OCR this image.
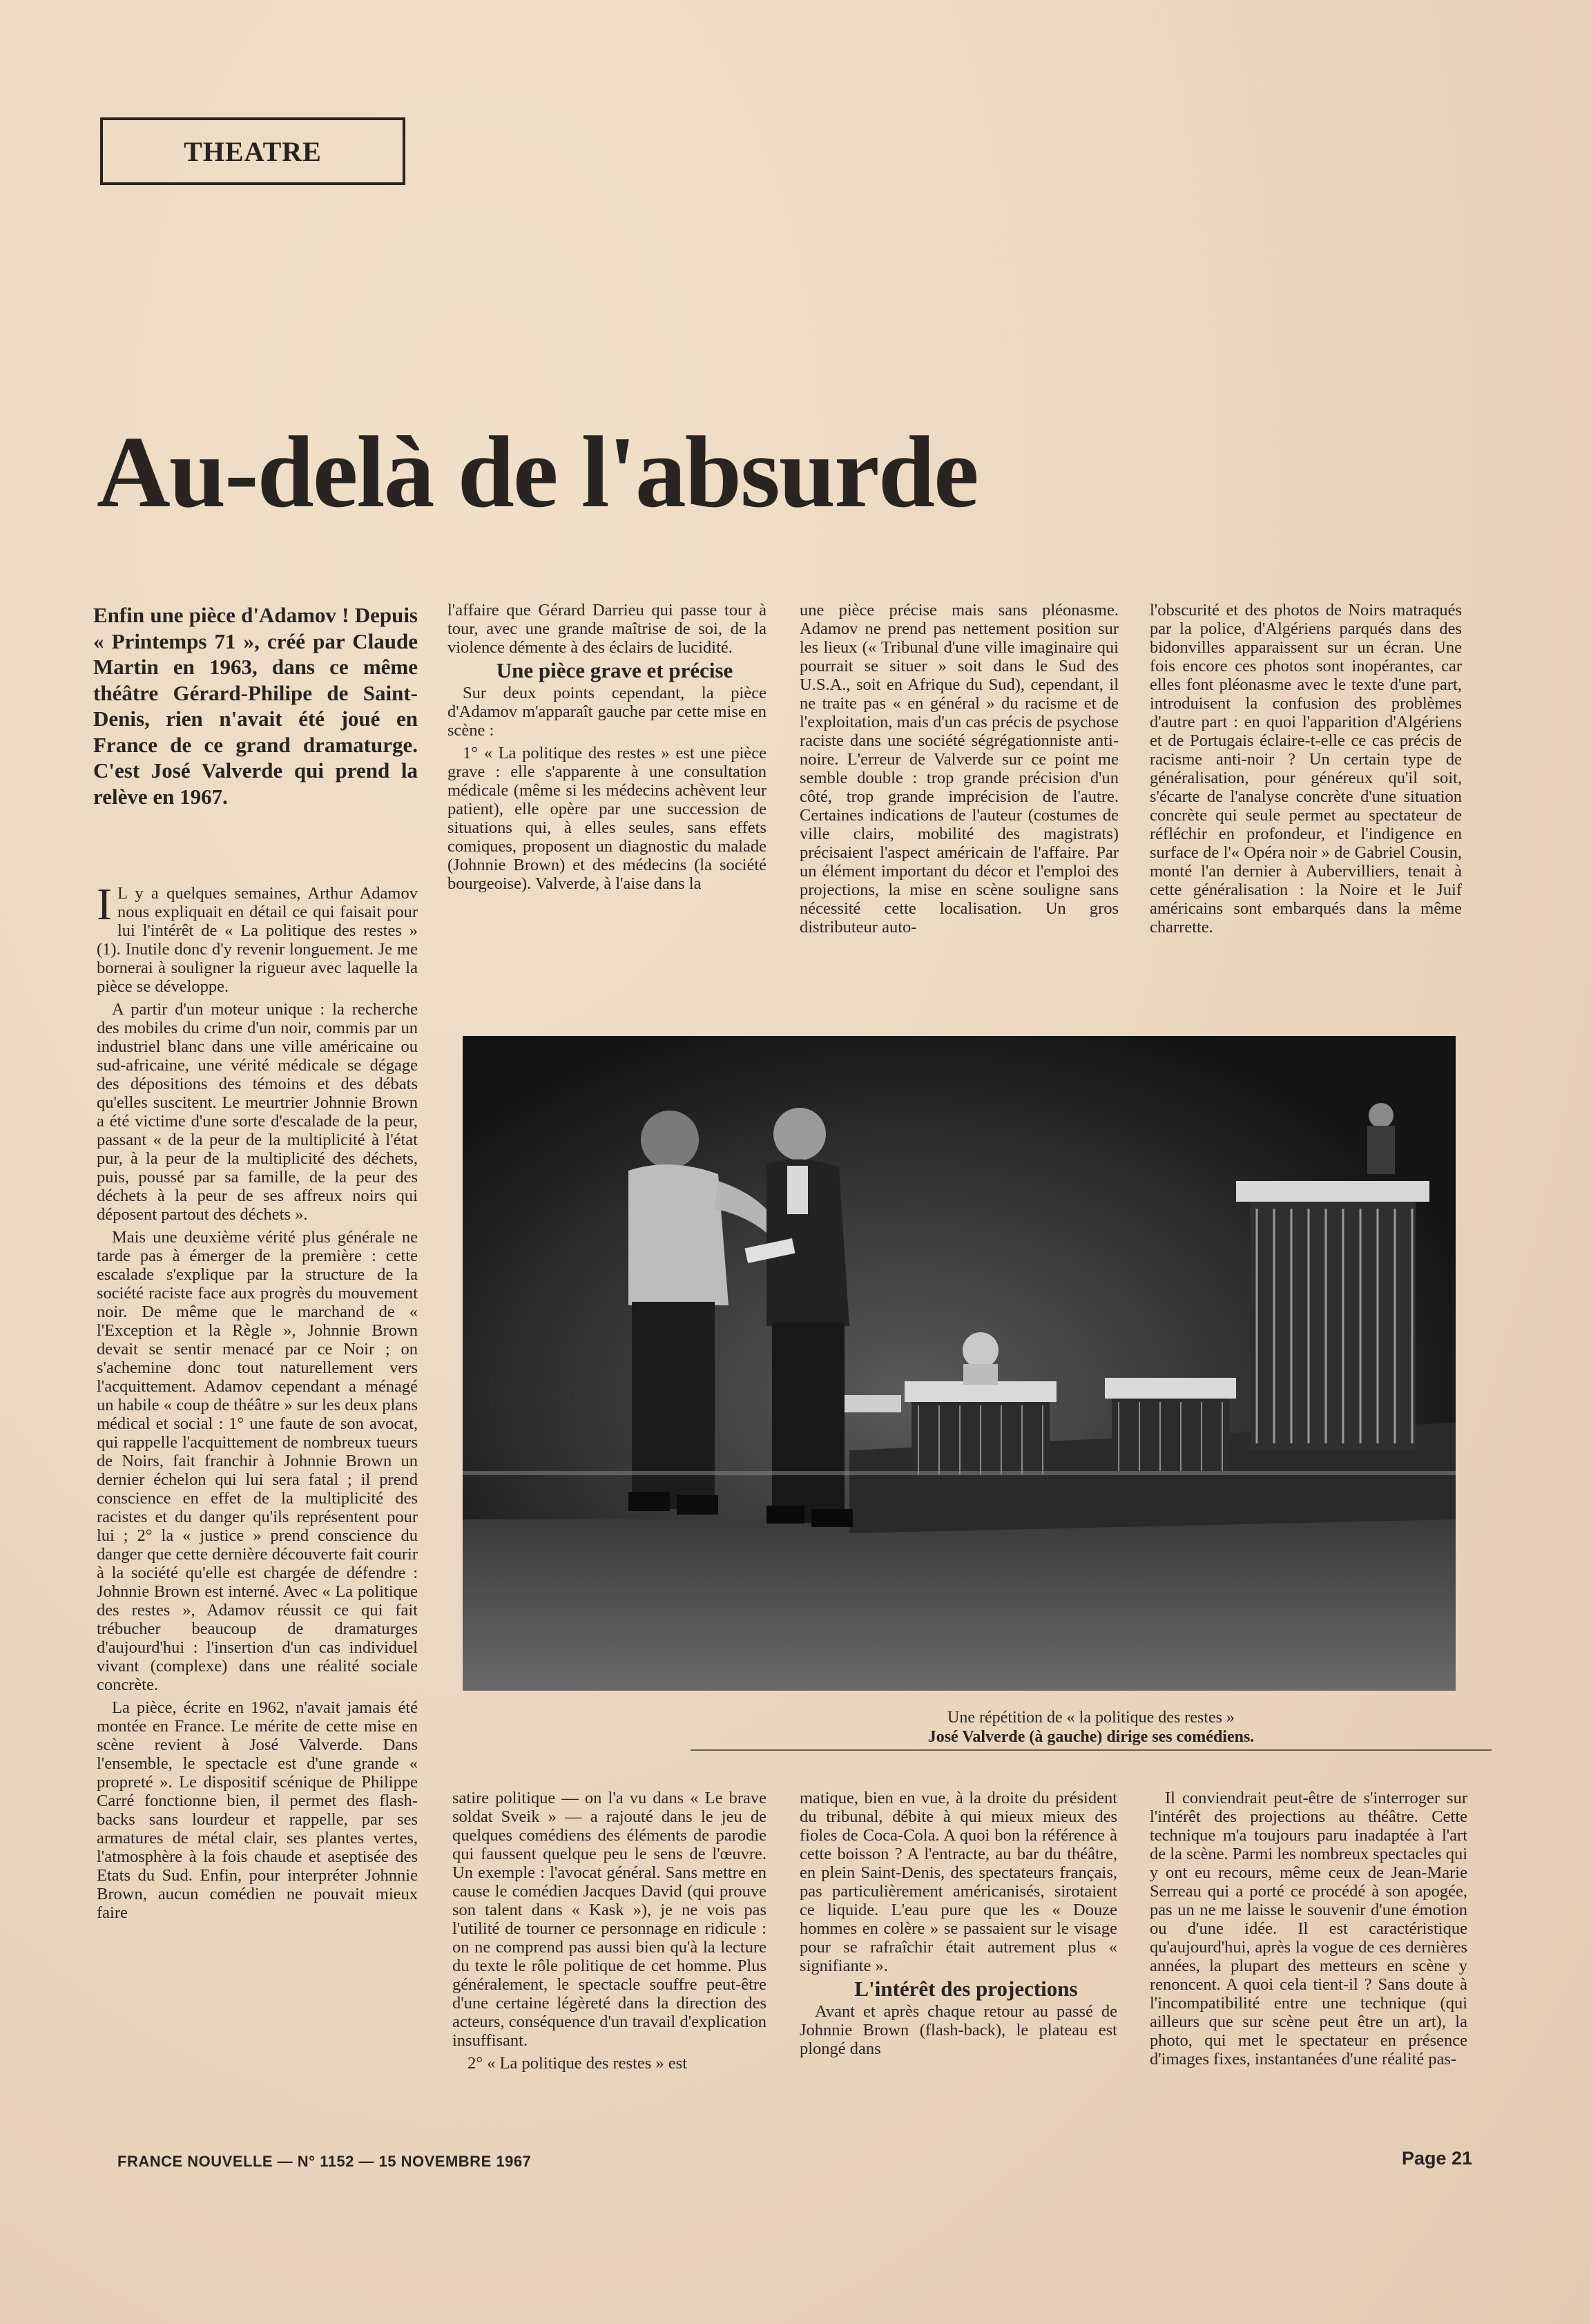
THEATRE
Au-delà de l'absurde
Enfin une pièce d'Adamov ! Depuis « Printemps 71 », créé par Claude Martin en 1963, dans ce même théâtre Gérard-Philipe de Saint-Denis, rien n'avait été joué en France de ce grand dramaturge. C'est José Valverde qui prend la relève en 1967.

I L y a quelques semaines, Arthur Adamov nous expliquait en détail ce qui faisait pour lui l'intérêt de « La politique des restes » (1). Inutile donc d'y revenir longuement. Je me bornerai à souligner la rigueur avec laquelle la pièce se développe.

A partir d'un moteur unique : la recherche des mobiles du crime d'un noir, commis par un industriel blanc dans une ville américaine ou sud-africaine, une vérité médicale se dégage des dépositions des témoins et des débats qu'elles suscitent. Le meurtrier Johnnie Brown a été victime d'une sorte d'escalade de la peur, passant « de la peur de la multiplicité à l'état pur, à la peur de la multiplicité des déchets, puis, poussé par sa famille, de la peur des déchets à la peur de ses affreux noirs qui déposent partout des déchets ».

Mais une deuxième vérité plus générale ne tarde pas à émerger de la première : cette escalade s'explique par la structure de la société raciste face aux progrès du mouvement noir. De même que le marchand de « l'Exception et la Règle », Johnnie Brown devait se sentir menacé par ce Noir ; on s'achemine donc tout naturellement vers l'acquittement. Adamov cependant a ménagé un habile « coup de théâtre » sur les deux plans médical et social : 1° une faute de son avocat, qui rappelle l'acquittement de nombreux tueurs de Noirs, fait franchir à Johnnie Brown un dernier échelon qui lui sera fatal ; il prend conscience en effet de la multiplicité des racistes et du danger qu'ils représentent pour lui ; 2° la « justice » prend conscience du danger que cette dernière découverte fait courir à la société qu'elle est chargée de défendre : Johnnie Brown est interné. Avec « La politique des restes », Adamov réussit ce qui fait trébucher beaucoup de dramaturges d'aujourd'hui : l'insertion d'un cas individuel vivant (complexe) dans une réalité sociale concrète.

La pièce, écrite en 1962, n'avait jamais été montée en France. Le mérite de cette mise en scène revient à José Valverde. Dans l'ensemble, le spectacle est d'une grande « propreté ». Le dispositif scénique de Philippe Carré fonctionne bien, il permet des flash-backs sans lourdeur et rappelle, par ses armatures de métal clair, ses plantes vertes, l'atmosphère à la fois chaude et aseptisée des Etats du Sud. Enfin, pour interpréter Johnnie Brown, aucun comédien ne pouvait mieux faire

l'affaire que Gérard Darrieu qui passe tour à tour, avec une grande maîtrise de soi, de la violence démente à des éclairs de lucidité.

Une pièce grave et précise

Sur deux points cependant, la pièce d'Adamov m'apparaît gauche par cette mise en scène :

1° « La politique des restes » est une pièce grave : elle s'apparente à une consultation médicale (même si les médecins achèvent leur patient), elle opère par une succession de situations qui, à elles seules, sans effets comiques, proposent un diagnostic du malade (Johnnie Brown) et des médecins (la société bourgeoise). Valverde, à l'aise dans la

une pièce précise mais sans pléonasme. Adamov ne prend pas nettement position sur les lieux (« Tribunal d'une ville imaginaire qui pourrait se situer » soit dans le Sud des U.S.A., soit en Afrique du Sud), cependant, il ne traite pas « en général » du racisme et de l'exploitation, mais d'un cas précis de psychose raciste dans une société ségrégationniste anti-noire. L'erreur de Valverde sur ce point me semble double : trop grande précision d'un côté, trop grande imprécision de l'autre. Certaines indications de l'auteur (costumes de ville clairs, mobilité des magistrats) précisaient l'aspect américain de l'affaire. Par un élément important du décor et l'emploi des projections, la mise en scène souligne sans nécessité cette localisation. Un gros distributeur auto-

l'obscurité et des photos de Noirs matraqués par la police, d'Algériens parqués dans des bidonvilles apparaissent sur un écran. Une fois encore ces photos sont inopérantes, car elles font pléonasme avec le texte d'une part, introduisent la confusion des problèmes d'autre part : en quoi l'apparition d'Algériens et de Portugais éclaire-t-elle ce cas précis de racisme anti-noir ? Un certain type de généralisation, pour généreux qu'il soit, s'écarte de l'analyse concrète d'une situation concrète qui seule permet au spectateur de réfléchir en profondeur, et l'indigence en surface de l'« Opéra noir » de Gabriel Cousin, monté l'an dernier à Aubervilliers, tenait à cette généralisation : la Noire et le Juif américains sont embarqués dans la même charrette.

Une répétition de « la politique des restes »
José Valverde (à gauche) dirige ses comédiens.

satire politique — on l'a vu dans « Le brave soldat Sveik » — a rajouté dans le jeu de quelques comédiens des éléments de parodie qui faussent quelque peu le sens de l'œuvre. Un exemple : l'avocat général. Sans mettre en cause le comédien Jacques David (qui prouve son talent dans « Kask »), je ne vois pas l'utilité de tourner ce personnage en ridicule : on ne comprend pas aussi bien qu'à la lecture du texte le rôle politique de cet homme. Plus généralement, le spectacle souffre peut-être d'une certaine légèreté dans la direction des acteurs, conséquence d'un travail d'explication insuffisant.

2° « La politique des restes » est

matique, bien en vue, à la droite du président du tribunal, débite à qui mieux mieux des fioles de Coca-Cola. A quoi bon la référence à cette boisson ? A l'entracte, au bar du théâtre, en plein Saint-Denis, des spectateurs français, pas particulièrement américanisés, sirotaient ce liquide. L'eau pure que les « Douze hommes en colère » se passaient sur le visage pour se rafraîchir était autrement plus « signifiante ».

L'intérêt des projections

Avant et après chaque retour au passé de Johnnie Brown (flash-back), le plateau est plongé dans

Il conviendrait peut-être de s'interroger sur l'intérêt des projections au théâtre. Cette technique m'a toujours paru inadaptée à l'art de la scène. Parmi les nombreux spectacles qui y ont eu recours, même ceux de Jean-Marie Serreau qui a porté ce procédé à son apogée, pas un ne me laisse le souvenir d'une émotion ou d'une idée. Il est caractéristique qu'aujourd'hui, après la vogue de ces dernières années, la plupart des metteurs en scène y renoncent. A quoi cela tient-il ? Sans doute à l'incompatibilité entre une technique (qui ailleurs que sur scène peut être un art), la photo, qui met le spectateur en présence d'images fixes, instantanées d'une réalité pas-

FRANCE NOUVELLE — N° 1152 — 15 NOVEMBRE 1967	Page 21
